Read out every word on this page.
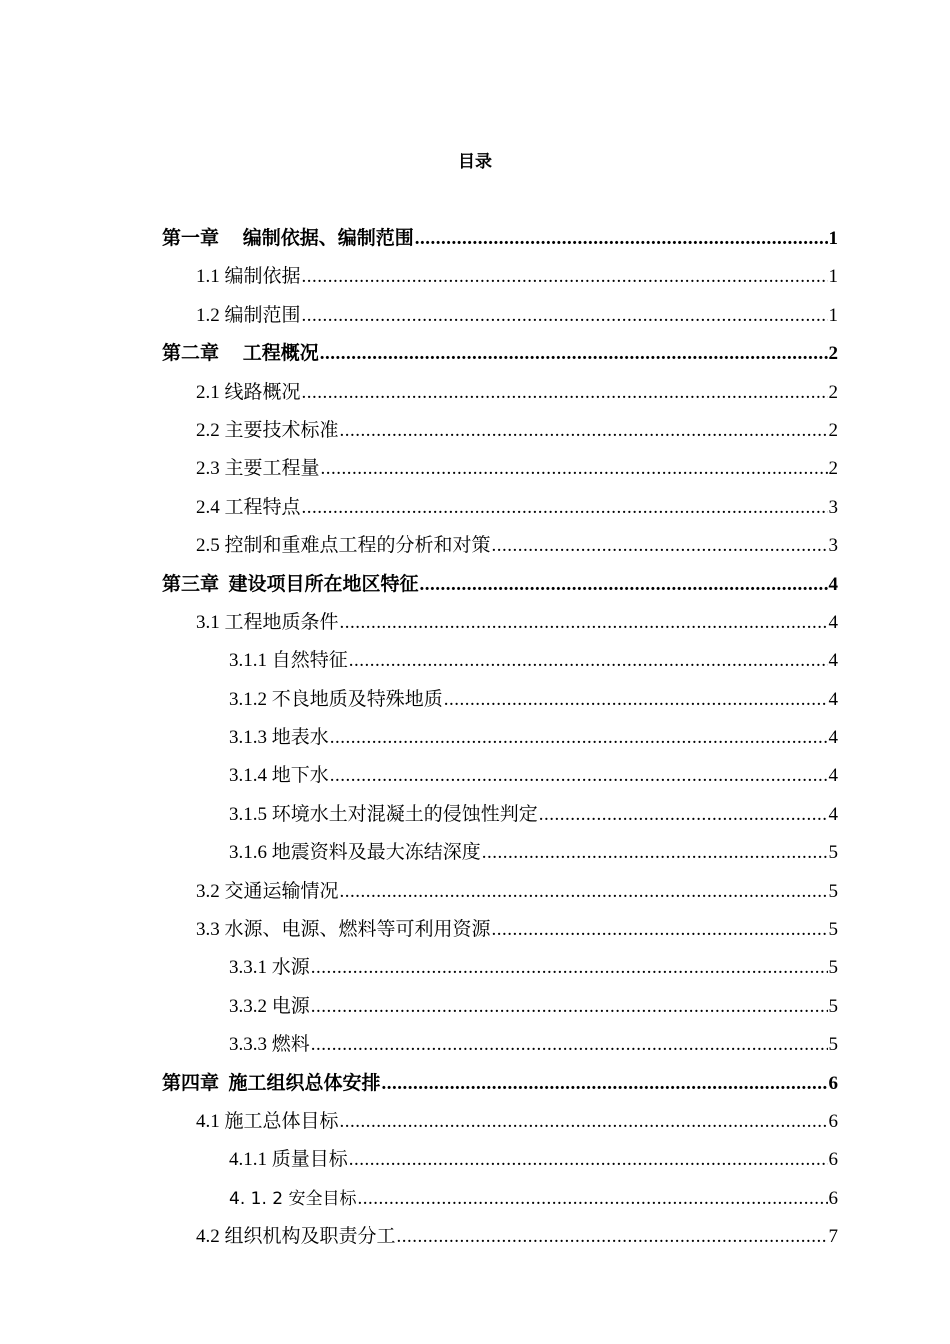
目录
第一章　 编制依据、编制范围 .....	1
1.1 编制依据 .....	1
1.2 编制范围 .....	1
第二章　 工程概况 .....	2
2.1 线路概况 .....	2
2.2 主要技术标准 .....	2
2.3 主要工程量 .....	2
2.4 工程特点 .....	3
2.5 控制和重难点工程的分析和对策 .....	3
第三章  建设项目所在地区特征 .....	4
3.1 工程地质条件 .....	4
3.1.1 自然特征 .....	4
3.1.2 不良地质及特殊地质 .....	4
3.1.3 地表水 .....	4
3.1.4 地下水 .....	4
3.1.5 环境水土对混凝土的侵蚀性判定 .....	4
3.1.6 地震资料及最大冻结深度 .....	5
3.2 交通运输情况 .....	5
3.3 水源、电源、燃料等可利用资源 .....	5
3.3.1 水源 .....	5
3.3.2 电源 .....	5
3.3.3 燃料 .....	5
第四章  施工组织总体安排 .....	6
4.1 施工总体目标 .....	6
4.1.1 质量目标 .....	6
4. 1. 2 安全目标 .....	6
4.2 组织机构及职责分工 .....	7
